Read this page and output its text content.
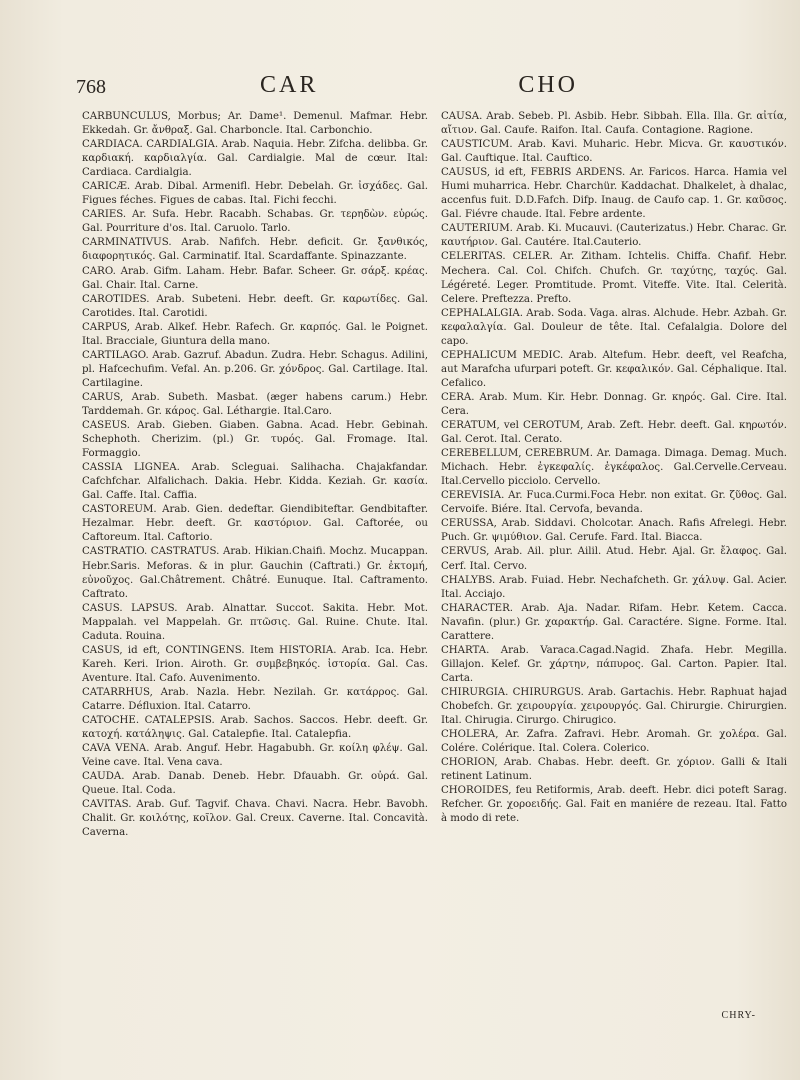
768	CAR	CHO

CARBUNCULUS, Morbus; Ar. Dame¹. Demenul. Mafmar. Hebr. Ekkedah. Gr. ἄνθραξ. Gal. Charboncle. Ital. Carbonchio.

CARDIACA. CARDIALGIA. Arab. Naquia. Hebr. Zifcha. delibba. Gr. καρδιακή. καρδιαλγία. Gal. Cardialgie. Mal de cœur. Ital: Cardiaca. Cardialgia.

CARICÆ. Arab. Dibal. Armenifl. Hebr. Debelah. Gr. ἰσχάδες. Gal. Figues féches. Figues de cabas. Ital. Fichi fecchi.

CARIES. Ar. Sufa. Hebr. Racabh. Schabas. Gr. τερηδὼν. εὐρώς. Gal. Pourriture d'os. Ital. Caruolo. Tarlo.

CARMINATIVUS. Arab. Nafifch. Hebr. deficit. Gr. ξανθικός, διαφορητικός. Gal. Carminatif. Ital. Scardaffante. Spinazzante.

CARO. Arab. Gifm. Laham. Hebr. Bafar. Scheer. Gr. σάρξ. κρέας. Gal. Chair. Ital. Carne.

CAROTIDES. Arab. Subeteni. Hebr. deeft. Gr. καρωτίδες. Gal. Carotides. Ital. Carotidi.

CARPUS, Arab. Alkef. Hebr. Rafech. Gr. καρπός. Gal. le Poignet. Ital. Bracciale, Giuntura della mano.

CARTILAGO. Arab. Gazruf. Abadun. Zudra. Hebr. Schagus. Adilini, pl. Hafcechufim. Vefal. An. p.206. Gr. χόνδρος. Gal. Cartilage. Ital. Cartilagine.

CARUS, Arab. Subeth. Masbat. (æger habens carum.) Hebr. Tarddemah. Gr. κάρος. Gal. Léthargie. Ital.Caro.

CASEUS. Arab. Gieben. Giaben. Gabna. Acad. Hebr. Gebinah. Schephoth. Cherizim. (pl.) Gr. τυρός. Gal. Fromage. Ital. Formaggio.

CASSIA LIGNEA. Arab. Scleguai. Salihacha. Chajakfandar. Cafchfchar. Alfalichach. Dakia. Hebr. Kidda. Keziah. Gr. κασία. Gal. Caffe. Ital. Caffia.

CASTOREUM. Arab. Gien. dedeftar. Giendibiteftar. Gendbitafter. Hezalmar. Hebr. deeft. Gr. καστόριον. Gal. Caftorée, ou Caftoreum. Ital. Caftorio.

CASTRATIO. CASTRATUS. Arab. Hikian.Chaifi. Mochz. Mucappan. Hebr.Saris. Meforas. & in plur. Gauchin (Caftrati.) Gr. ἐκτομή, εὐνοῦχος. Gal.Châtrement. Châtré. Eunuque. Ital. Caftramento. Caftrato.

CASUS. LAPSUS. Arab. Alnattar. Succot. Sakita. Hebr. Mot. Mappalah. vel Mappelah. Gr. πτῶσις. Gal. Ruine. Chute. Ital. Caduta. Rouina.

CASUS, id eft, CONTINGENS. Item HISTORIA. Arab. Ica. Hebr. Kareh. Keri. Irion. Airoth. Gr. συμβεβηκός. ἱστορία. Gal. Cas. Aventure. Ital. Cafo. Auvenimento.

CATARRHUS, Arab. Nazla. Hebr. Nezilah. Gr. κατάρρος. Gal. Catarre. Défluxion. Ital. Catarro.

CATOCHE. CATALEPSIS. Arab. Sachos. Saccos. Hebr. deeft. Gr. κατοχή. κατάληψις. Gal. Catalepfie. Ital. Catalepfia.

CAVA VENA. Arab. Anguf. Hebr. Hagabubh. Gr. κοίλη φλέψ. Gal. Veine cave. Ital. Vena cava.

CAUDA. Arab. Danab. Deneb. Hebr. Dfauabh. Gr. οὐρά. Gal. Queue. Ital. Coda.

CAVITAS. Arab. Guf. Tagvif. Chava. Chavi. Nacra. Hebr. Bavobh. Chalit. Gr. κοιλότης, κοῖλον. Gal. Creux. Caverne. Ital. Concavità. Caverna.

CAUSA. Arab. Sebeb. Pl. Asbib. Hebr. Sibbah. Ella. Illa. Gr. αἰτία, αἴτιον. Gal. Caufe. Raifon. Ital. Caufa. Contagione. Ragione.

CAUSTICUM. Arab. Kavi. Muharic. Hebr. Micva. Gr. καυστικόν. Gal. Cauftique. Ital. Cauftico.

CAUSUS, id eft, FEBRIS ARDENS. Ar. Faricos. Harca. Hamia vel Humi muharrica. Hebr. Charchür. Kaddachat. Dhalkelet, à dhalac, accenfus fuit. D.D.Fafch. Difp. Inaug. de Caufo cap. 1. Gr. καῦσος. Gal. Fiévre chaude. Ital. Febre ardente.

CAUTERIUM. Arab. Ki. Mucauvi. (Cauterizatus.) Hebr. Charac. Gr. καυτήριον. Gal. Cautére. Ital.Cauterio.

CELERITAS. CELER. Ar. Zitham. Ichtelis. Chiffa. Chafif. Hebr. Mechera. Cal. Col. Chifch. Chufch. Gr. ταχύτης, ταχύς. Gal. Légéreté. Leger. Promtitude. Promt. Viteffe. Vite. Ital. Celerità. Celere. Preftezza. Prefto.

CEPHALALGIA. Arab. Soda. Vaga. alras. Alchude. Hebr. Azbah. Gr. κεφαλαλγία. Gal. Douleur de tête. Ital. Cefalalgia. Dolore del capo.

CEPHALICUM MEDIC. Arab. Altefum. Hebr. deeft, vel Reafcha, aut Marafcha ufurpari poteft. Gr. κεφαλικόν. Gal. Céphalique. Ital. Cefalico.

CERA. Arab. Mum. Kir. Hebr. Donnag. Gr. κηρός. Gal. Cire. Ital. Cera.

CERATUM, vel CEROTUM, Arab. Zeft. Hebr. deeft. Gal. κηρωτόν. Gal. Cerot. Ital. Cerato.

CEREBELLUM, CEREBRUM. Ar. Damaga. Dimaga. Demag. Much. Michach. Hebr. ἐγκεφαλίς. ἐγκέφαλος. Gal.Cervelle.Cerveau. Ital.Cervello picciolo. Cervello.

CEREVISIA. Ar. Fuca.Curmi.Foca Hebr. non exitat. Gr. ζῦθος. Gal. Cervoife. Biére. Ital. Cervofa, bevanda.

CERUSSA, Arab. Siddavi. Cholcotar. Anach. Rafis Afrelegi. Hebr. Puch. Gr. ψιμύθιον. Gal. Cerufe. Fard. Ital. Biacca.

CERVUS, Arab. Ail. plur. Ailil. Atud. Hebr. Ajal. Gr. ἔλαφος. Gal. Cerf. Ital. Cervo.

CHALYBS. Arab. Fuiad. Hebr. Nechafcheth. Gr. χάλυψ. Gal. Acier. Ital. Acciajo.

CHARACTER. Arab. Aja. Nadar. Rifam. Hebr. Ketem. Cacca. Navafin. (plur.) Gr. χαρακτήρ. Gal. Caractére. Signe. Forme. Ital. Carattere.

CHARTA. Arab. Varaca.Cagad.Nagid. Zhafa. Hebr. Megilla. Gillajon. Kelef. Gr. χάρτην, πάπυρος. Gal. Carton. Papier. Ital. Carta.

CHIRURGIA. CHIRURGUS. Arab. Gartachis. Hebr. Raphuat hajad Chobefch. Gr. χειρουργία. χειρουργός. Gal. Chirurgie. Chirurgien. Ital. Chirugia. Cirurgo. Chirugico.

CHOLERA, Ar. Zafra. Zafravi. Hebr. Aromah. Gr. χολέρα. Gal. Colére. Colérique. Ital. Colera. Colerico.

CHORION, Arab. Chabas. Hebr. deeft. Gr. χόριον. Galli & Itali retinent Latinum.

CHOROIDES, feu Retiformis, Arab. deeft. Hebr. dici poteft Sarag. Refcher. Gr. χοροειδής. Gal. Fait en maniére de rezeau. Ital. Fatto à modo di rete.

CHRY-
